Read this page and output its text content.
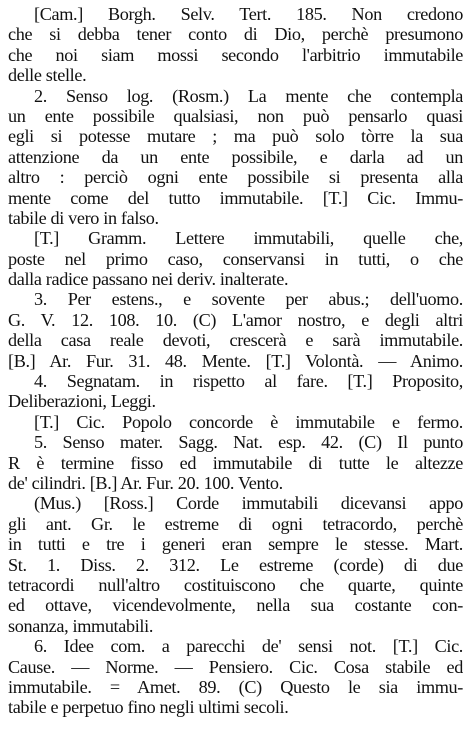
[Cam.] Borgh. Selv. Tert. 185. Non credono
che si debba tener conto di Dio, perchè presumono
che noi siam mossi secondo l'arbitrio immutabile
delle stelle.
2. Senso log. (Rosm.) La mente che contempla
un ente possibile qualsiasi, non può pensarlo quasi
egli si potesse mutare ; ma può solo tòrre la sua
attenzione da un ente possibile, e darla ad un
altro : perciò ogni ente possibile si presenta alla
mente come del tutto immutabile. [T.] Cic. Immu-
tabile di vero in falso.
[T.] Gramm. Lettere immutabili, quelle che,
poste nel primo caso, conservansi in tutti, o che
dalla radice passano nei deriv. inalterate.
3. Per estens., e sovente per abus.; dell'uomo.
G. V. 12. 108. 10. (C) L'amor nostro, e degli altri
della casa reale devoti, crescerà e sarà immutabile.
[B.] Ar. Fur. 31. 48. Mente. [T.] Volontà. — Animo.
4. Segnatam. in rispetto al fare. [T.] Proposito,
Deliberazioni, Leggi.
[T.] Cic. Popolo concorde è immutabile e fermo.
5. Senso mater. Sagg. Nat. esp. 42. (C) Il punto
R è termine fisso ed immutabile di tutte le altezze
de' cilindri. [B.] Ar. Fur. 20. 100. Vento.
(Mus.) [Ross.] Corde immutabili dicevansi appo
gli ant. Gr. le estreme di ogni tetracordo, perchè
in tutti e tre i generi eran sempre le stesse. Mart.
St. 1. Diss. 2. 312. Le estreme (corde) di due
tetracordi null'altro costituiscono che quarte, quinte
ed ottave, vicendevolmente, nella sua costante con-
sonanza, immutabili.
6. Idee com. a parecchi de' sensi not. [T.] Cic.
Cause. — Norme. — Pensiero. Cic. Cosa stabile ed
immutabile. = Amet. 89. (C) Questo le sia immu-
tabile e perpetuo fino negli ultimi secoli.
